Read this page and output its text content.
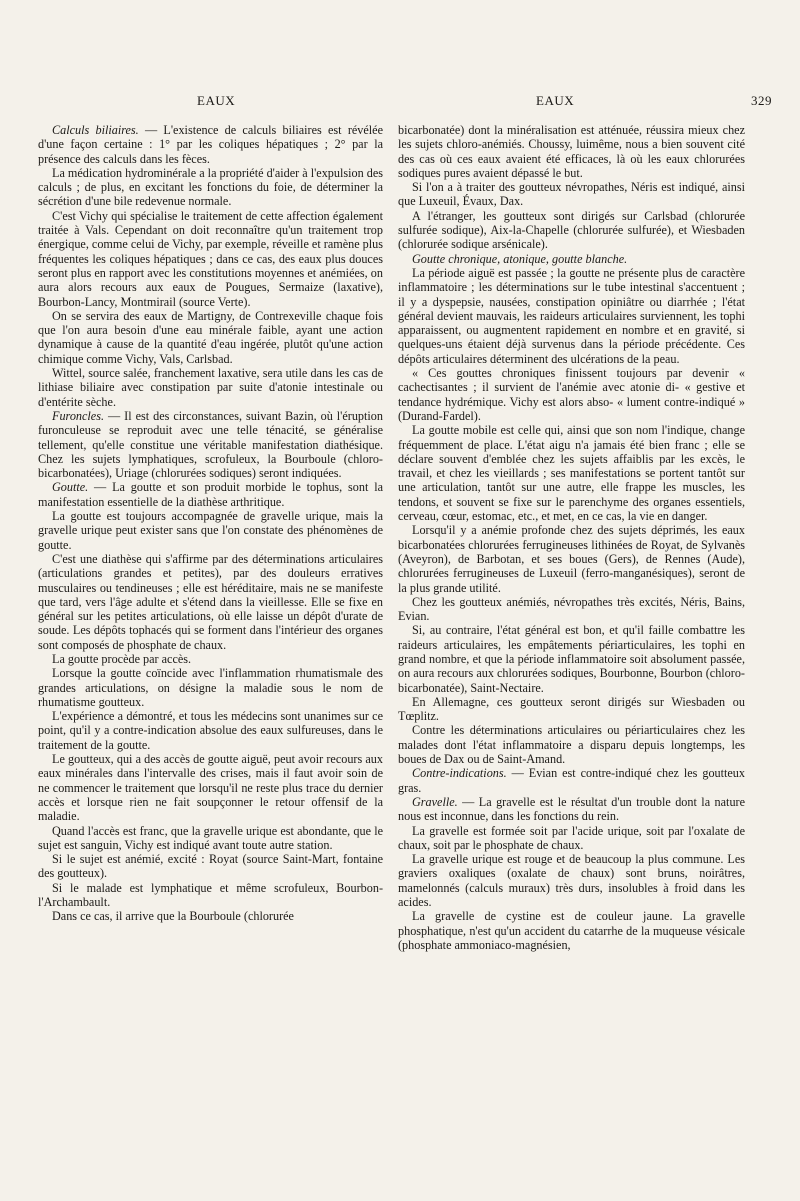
EAUX	EAUX	329

Calculs biliaires. — L'existence de calculs biliaires est révélée d'une façon certaine : 1° par les coliques hépatiques ; 2° par la présence des calculs dans les fèces.

La médication hydrominérale a la propriété d'aider à l'expulsion des calculs ; de plus, en excitant les fonctions du foie, de déterminer la sécrétion d'une bile redevenue normale.

C'est Vichy qui spécialise le traitement de cette affection également traitée à Vals. Cependant on doit reconnaître qu'un traitement trop énergique, comme celui de Vichy, par exemple, réveille et ramène plus fréquentes les coliques hépatiques ; dans ce cas, des eaux plus douces seront plus en rapport avec les constitutions moyennes et anémiées, on aura alors recours aux eaux de Pougues, Sermaize (laxative), Bourbon-Lancy, Montmirail (source Verte).

On se servira des eaux de Martigny, de Contrexeville chaque fois que l'on aura besoin d'une eau minérale faible, ayant une action dynamique à cause de la quantité d'eau ingérée, plutôt qu'une action chimique comme Vichy, Vals, Carlsbad.

Wittel, source salée, franchement laxative, sera utile dans les cas de lithiase biliaire avec constipation par suite d'atonie intestinale ou d'entérite sèche.

Furoncles. — Il est des circonstances, suivant Bazin, où l'éruption furonculeuse se reproduit avec une telle ténacité, se généralise tellement, qu'elle constitue une véritable manifestation diathésique. Chez les sujets lymphatiques, scrofuleux, la Bourboule (chloro-bicarbonatées), Uriage (chlorurées sodiques) seront indiquées.

Goutte. — La goutte et son produit morbide le tophus, sont la manifestation essentielle de la diathèse arthritique.

La goutte est toujours accompagnée de gravelle urique, mais la gravelle urique peut exister sans que l'on constate des phénomènes de goutte.

C'est une diathèse qui s'affirme par des déterminations articulaires (articulations grandes et petites), par des douleurs erratives musculaires ou tendineuses ; elle est héréditaire, mais ne se manifeste que tard, vers l'âge adulte et s'étend dans la vieillesse. Elle se fixe en général sur les petites articulations, où elle laisse un dépôt d'urate de soude. Les dépôts tophacés qui se forment dans l'intérieur des organes sont composés de phosphate de chaux.

La goutte procède par accès.

Lorsque la goutte coïncide avec l'inflammation rhumatismale des grandes articulations, on désigne la maladie sous le nom de rhumatisme goutteux.

L'expérience a démontré, et tous les médecins sont unanimes sur ce point, qu'il y a contre-indication absolue des eaux sulfureuses, dans le traitement de la goutte.

Le goutteux, qui a des accès de goutte aiguë, peut avoir recours aux eaux minérales dans l'intervalle des crises, mais il faut avoir soin de ne commencer le traitement que lorsqu'il ne reste plus trace du dernier accès et lorsque rien ne fait soupçonner le retour offensif de la maladie.

Quand l'accès est franc, que la gravelle urique est abondante, que le sujet est sanguin, Vichy est indiqué avant toute autre station.

Si le sujet est anémié, excité : Royat (source Saint-Mart, fontaine des goutteux).

Si le malade est lymphatique et même scrofuleux, Bourbon-l'Archambault.

Dans ce cas, il arrive que la Bourboule (chlorurée

bicarbonatée) dont la minéralisation est atténuée, réussira mieux chez les sujets chloro-anémiés. Choussy, luimême, nous a bien souvent cité des cas où ces eaux avaient été efficaces, là où les eaux chlorurées sodiques pures avaient dépassé le but.

Si l'on a à traiter des goutteux névropathes, Néris est indiqué, ainsi que Luxeuil, Évaux, Dax.

A l'étranger, les goutteux sont dirigés sur Carlsbad (chlorurée sulfurée sodique), Aix-la-Chapelle (chlorurée sulfurée), et Wiesbaden (chlorurée sodique arsénicale).

Goutte chronique, atonique, goutte blanche.

La période aiguë est passée ; la goutte ne présente plus de caractère inflammatoire ; les déterminations sur le tube intestinal s'accentuent ; il y a dyspepsie, nausées, constipation opiniâtre ou diarrhée ; l'état général devient mauvais, les raideurs articulaires surviennent, les tophi apparaissent, ou augmentent rapidement en nombre et en gravité, si quelques-uns étaient déjà survenus dans la période précédente. Ces dépôts articulaires déterminent des ulcérations de la peau.

« Ces gouttes chroniques finissent toujours par devenir « cachectisantes ; il survient de l'anémie avec atonie di- « gestive et tendance hydrémique. Vichy est alors abso- « lument contre-indiqué » (Durand-Fardel).

La goutte mobile est celle qui, ainsi que son nom l'indique, change fréquemment de place. L'état aigu n'a jamais été bien franc ; elle se déclare souvent d'emblée chez les sujets affaiblis par les excès, le travail, et chez les vieillards ; ses manifestations se portent tantôt sur une articulation, tantôt sur une autre, elle frappe les muscles, les tendons, et souvent se fixe sur le parenchyme des organes essentiels, cerveau, cœur, estomac, etc., et met, en ce cas, la vie en danger.

Lorsqu'il y a anémie profonde chez des sujets déprimés, les eaux bicarbonatées chlorurées ferrugineuses lithinées de Royat, de Sylvanès (Aveyron), de Barbotan, et ses boues (Gers), de Rennes (Aude), chlorurées ferrugineuses de Luxeuil (ferro-manganésiques), seront de la plus grande utilité.

Chez les goutteux anémiés, névropathes très excités, Néris, Bains, Evian.

Si, au contraire, l'état général est bon, et qu'il faille combattre les raideurs articulaires, les empâtements périarticulaires, les tophi en grand nombre, et que la période inflammatoire soit absolument passée, on aura recours aux chlorurées sodiques, Bourbonne, Bourbon (chloro-bicarbonatée), Saint-Nectaire.

En Allemagne, ces goutteux seront dirigés sur Wiesbaden ou Tœplitz.

Contre les déterminations articulaires ou périarticulaires chez les malades dont l'état inflammatoire a disparu depuis longtemps, les boues de Dax ou de Saint-Amand.

Contre-indications. — Evian est contre-indiqué chez les goutteux gras.

Gravelle. — La gravelle est le résultat d'un trouble dont la nature nous est inconnue, dans les fonctions du rein.

La gravelle est formée soit par l'acide urique, soit par l'oxalate de chaux, soit par le phosphate de chaux.

La gravelle urique est rouge et de beaucoup la plus commune. Les graviers oxaliques (oxalate de chaux) sont bruns, noirâtres, mamelonnés (calculs muraux) très durs, insolubles à froid dans les acides.

La gravelle de cystine est de couleur jaune. La gravelle phosphatique, n'est qu'un accident du catarrhe de la muqueuse vésicale (phosphate ammoniaco-magnésien,
